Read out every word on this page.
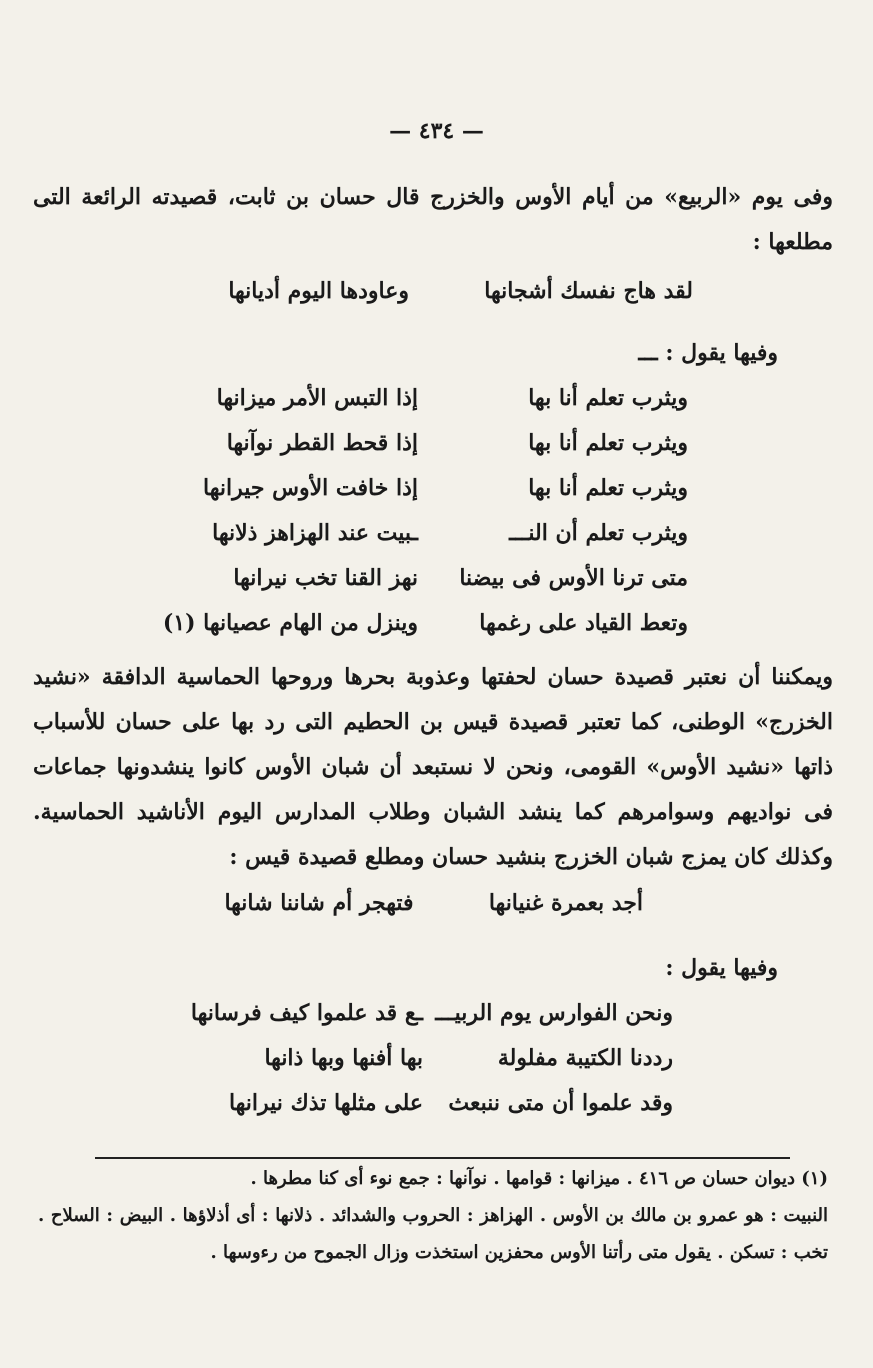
— ٤٣٤ —

وفى يوم «الربيع» من أيام الأوس والخزرج قال حسان بن ثابت، قصيدته الرائعة التى مطلعها :

لقد هاج نفسك أشجانها  وعاودها اليوم أديانها
وفيها يقول : ـــ
ويثرب تعلم أنا بها
إذا التبس الأمر ميزانها
ويثرب تعلم أنا بها
إذا قحط القطر نوآنها
ويثرب تعلم أنا بها
إذا خافت الأوس جيرانها
ويثرب تعلم أن النـــ
ـبيت عند الهزاهز ذلانها
متى ترنا الأوس فى بيضنا
نهز القنا تخب نيرانها
وتعط القياد على رغمها
وينزل من الهام عصيانها (١)

ويمكننا أن نعتبر قصيدة حسان لحفتها وعذوبة بحرها وروحها الحماسية الدافقة «نشيد الخزرج» الوطنى، كما تعتبر قصيدة قيس بن الحطيم التى رد بها على حسان للأسباب ذاتها «نشيد الأوس» القومى، ونحن لا نستبعد أن شبان الأوس كانوا ينشدونها جماعات فى نواديهم وسوامرهم كما ينشد الشبان وطلاب المدارس اليوم الأناشيد الحماسية. وكذلك كان يمزج شبان الخزرج بنشيد حسان ومطلع قصيدة قيس :

أجد بعمرة غنيانها  فتهجر أم شاننا شانها
وفيها يقول :
ونحن الفوارس يوم الربيـــ
ـع قد علموا كيف فرسانها
رددنا الكتيبة مفلولة
بها أفنها وبها ذانها
وقد علموا أن متى ننبعث
على مثلها تذك نيرانها

(١) ديوان حسان ص ٤١٦ . ميزانها : قوامها . نوآنها : جمع نوء أى كنا مطرها .

النبيت : هو عمرو بن مالك بن الأوس . الهزاهز : الحروب والشدائد . ذلانها : أى أذلاؤها . البيض : السلاح . تخب : تسكن . يقول متى رأتنا الأوس محفزين استخذت وزال الجموح من رءوسها .
